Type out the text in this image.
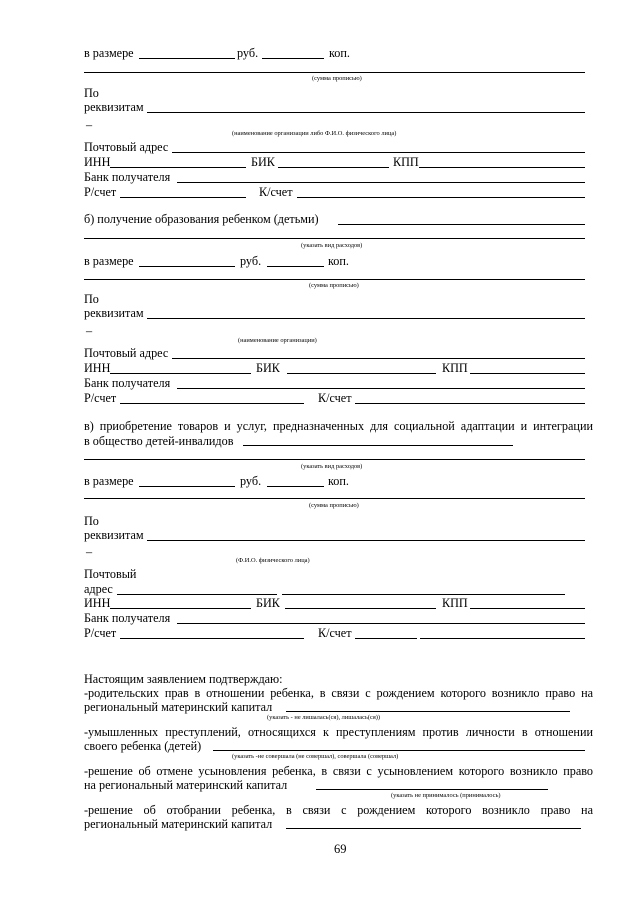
в размере	руб.	коп.
(сумма прописью)
По
реквизитам
–
(наименование организации либо Ф.И.О. физического лица)
Почтовый адрес
ИНН	БИК	КПП
Банк получателя
Р/счет	К/счет
б) получение образования ребенком (детьми)
(указать вид расходов)
в размере	руб.	коп.
(сумма прописью)
По
реквизитам
–
(наименование организации)
Почтовый адрес
ИНН	БИК	КПП
Банк получателя
Р/счет	К/счет
в) приобретение товаров и услуг, предназначенных для социальной адаптации и интеграции
в общество детей-инвалидов
(указать вид расходов)
в размере	руб.	коп.
(сумма прописью)
По
реквизитам
–
(Ф.И.О. физического лица)
Почтовый
адрес
ИНН	БИК	КПП
Банк получателя
Р/счет	К/счет
Настоящим заявлением подтверждаю:
-родительских прав в отношении ребенка, в связи с рождением которого возникло право на
региональный материнский капитал
(указать - не лишалась(ся), лишалась(ся))
-умышленных преступлений, относящихся к преступлениям против личности в отношении
своего ребенка (детей)
(указать -не совершала (не совершал), совершала (совершал)
-решение об отмене усыновления ребенка, в связи с усыновлением которого возникло право
на региональный материнский капитал
(указать не принималось (принималось)
-решение об отобрании ребенка, в связи с рождением которого возникло право на
региональный материнский капитал
69
